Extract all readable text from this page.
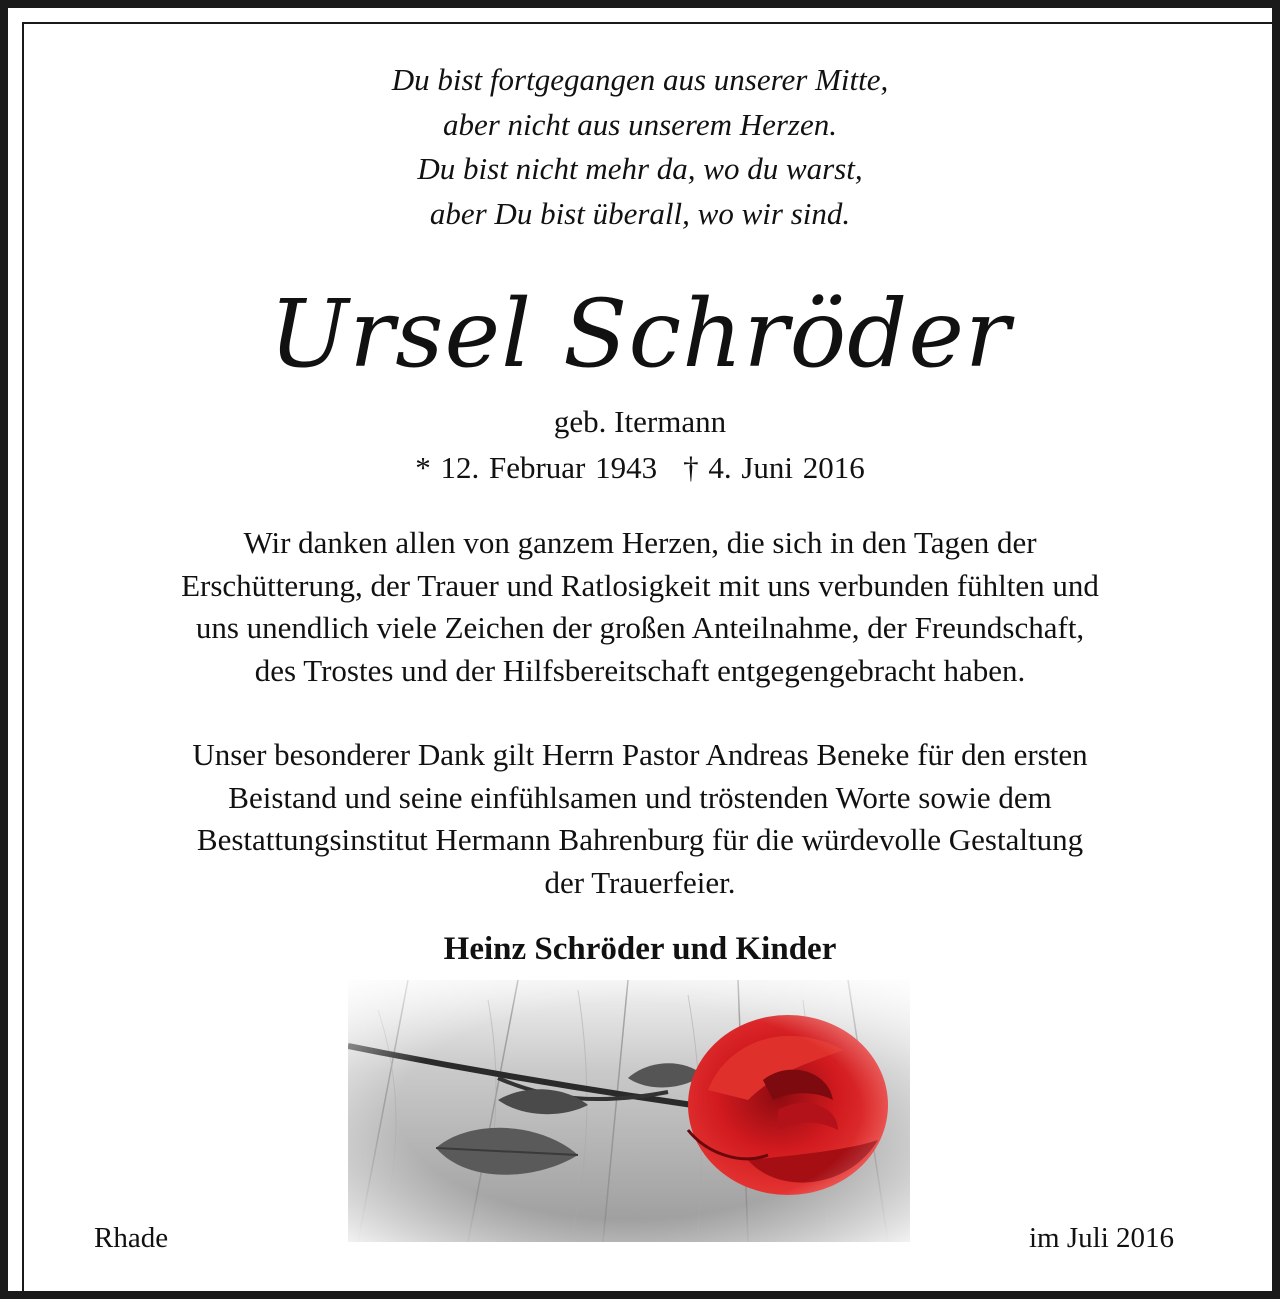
Du bist fortgegangen aus unserer Mitte,
aber nicht aus unserem Herzen.
Du bist nicht mehr da, wo du warst,
aber Du bist überall, wo wir sind.
Ursel Schröder
geb. Itermann
* 12. Februar 1943 † 4. Juni 2016
Wir danken allen von ganzem Herzen, die sich in den Tagen der
Erschütterung, der Trauer und Ratlosigkeit mit uns verbunden fühlten und
uns unendlich viele Zeichen der großen Anteilnahme, der Freundschaft,
des Trostes und der Hilfsbereitschaft entgegengebracht haben.
Unser besonderer Dank gilt Herrn Pastor Andreas Beneke für den ersten
Beistand und seine einfühlsamen und tröstenden Worte sowie dem
Bestattungsinstitut Hermann Bahrenburg für die würdevolle Gestaltung
der Trauerfeier.
Heinz Schröder und Kinder
Rhade	im Juli 2016
